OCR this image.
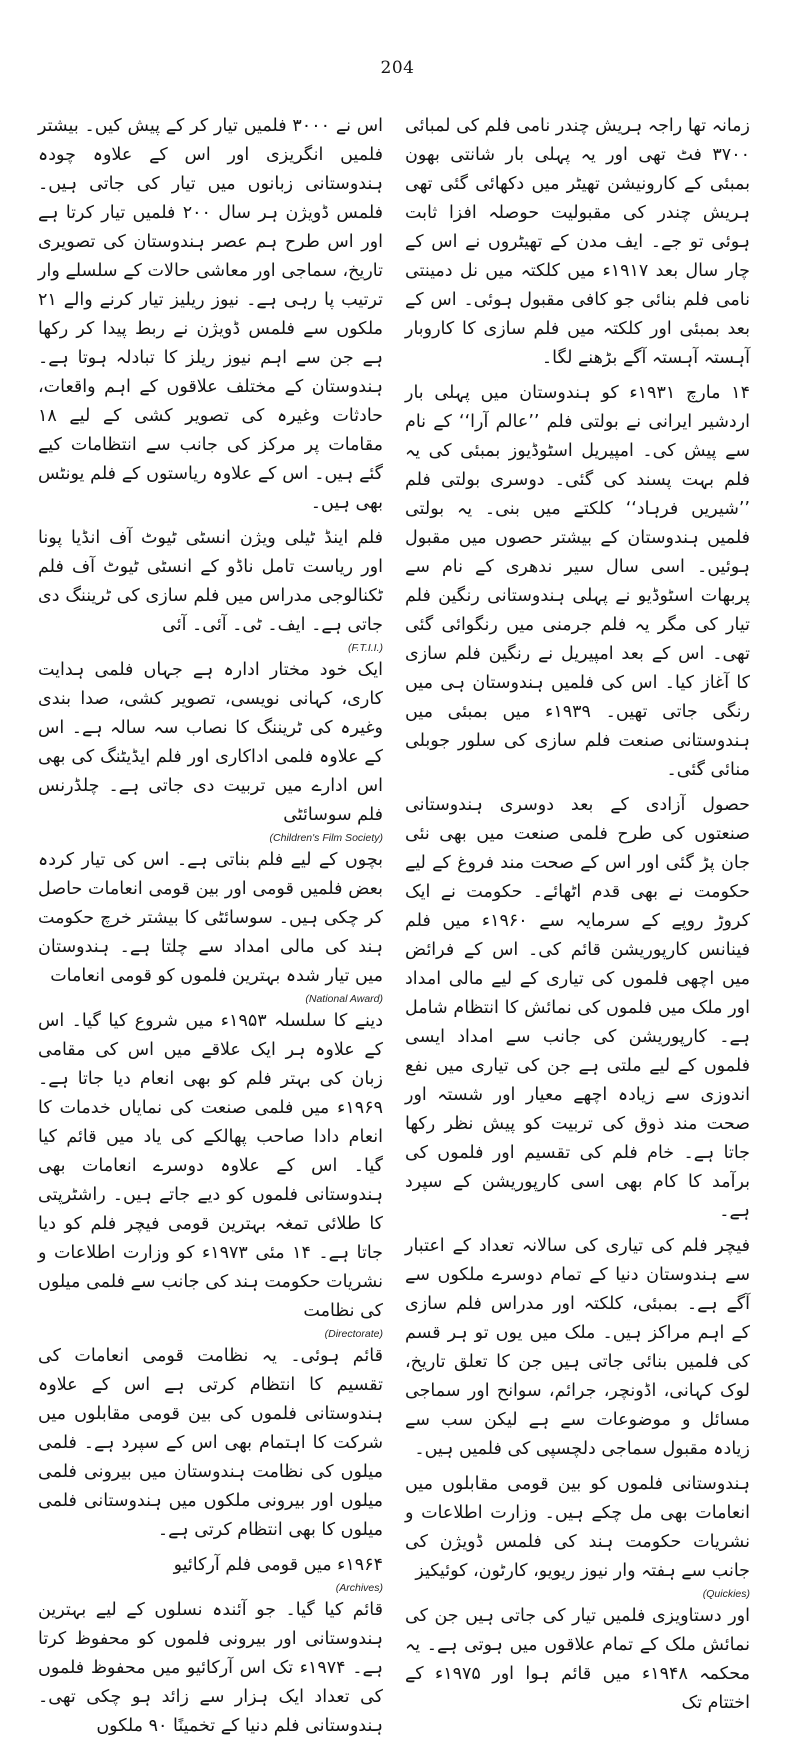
204

زمانہ تھا راجہ ہریش چندر نامی فلم کی لمبائی ۳۷۰۰ فٹ تھی اور یہ پہلی بار شانتی بھون بمبئی کے کارونیشن تھیٹر میں دکھائی گئی تھی ہریش چندر کی مقبولیت حوصلہ افزا ثابت ہوئی تو جے۔ ایف مدن کے تھیٹروں نے اس کے چار سال بعد ۱۹۱۷ء میں کلکتہ میں نل دمینتی نامی فلم بنائی جو کافی مقبول ہوئی۔ اس کے بعد بمبئی اور کلکتہ میں فلم سازی کا کاروبار آہستہ آہستہ آگے بڑھنے لگا۔

۱۴ مارچ ۱۹۳۱ء کو ہندوستان میں پہلی بار اردشیر ایرانی نے بولتی فلم ’’عالم آرا‘‘ کے نام سے پیش کی۔ امپیریل اسٹوڈیوز بمبئی کی یہ فلم بہت پسند کی گئی۔ دوسری بولتی فلم ’’شیریں فرہاد‘‘ کلکتے میں بنی۔ یہ بولتی فلمیں ہندوستان کے بیشتر حصوں میں مقبول ہوئیں۔ اسی سال سیر ندھری کے نام سے پربھات اسٹوڈیو نے پہلی ہندوستانی رنگین فلم تیار کی مگر یہ فلم جرمنی میں رنگوائی گئی تھی۔ اس کے بعد امپیریل نے رنگین فلم سازی کا آغاز کیا۔ اس کی فلمیں ہندوستان ہی میں رنگی جاتی تھیں۔ ۱۹۳۹ء میں بمبئی میں ہندوستانی صنعت فلم سازی کی سلور جوبلی منائی گئی۔

حصول آزادی کے بعد دوسری ہندوستانی صنعتوں کی طرح فلمی صنعت میں بھی نئی جان پڑ گئی اور اس کے صحت مند فروغ کے لیے حکومت نے بھی قدم اٹھائے۔ حکومت نے ایک کروڑ روپے کے سرمایہ سے ۱۹۶۰ء میں فلم فینانس کارپوریشن قائم کی۔ اس کے فرائض میں اچھی فلموں کی تیاری کے لیے مالی امداد اور ملک میں فلموں کی نمائش کا انتظام شامل ہے۔ کارپوریشن کی جانب سے امداد ایسی فلموں کے لیے ملتی ہے جن کی تیاری میں نفع اندوزی سے زیادہ اچھے معیار اور شستہ اور صحت مند ذوق کی تربیت کو پیش نظر رکھا جاتا ہے۔ خام فلم کی تقسیم اور فلموں کی برآمد کا کام بھی اسی کارپوریشن کے سپرد ہے۔

فیچر فلم کی تیاری کی سالانہ تعداد کے اعتبار سے ہندوستان دنیا کے تمام دوسرے ملکوں سے آگے ہے۔ بمبئی، کلکتہ اور مدراس فلم سازی کے اہم مراکز ہیں۔ ملک میں یوں تو ہر قسم کی فلمیں بنائی جاتی ہیں جن کا تعلق تاریخ، لوک کہانی، اڈونچر، جرائم، سوانح اور سماجی مسائل و موضوعات سے ہے لیکن سب سے زیادہ مقبول سماجی دلچسپی کی فلمیں ہیں۔

ہندوستانی فلموں کو بین قومی مقابلوں میں انعامات بھی مل چکے ہیں۔ وزارت اطلاعات و نشریات حکومت ہند کی فلمس ڈویژن کی جانب سے ہفتہ وار نیوز ریویو، کارٹون، کوئیکیز

(Quickies)

اور دستاویزی فلمیں تیار کی جاتی ہیں جن کی نمائش ملک کے تمام علاقوں میں ہوتی ہے۔ یہ محکمہ ۱۹۴۸ء میں قائم ہوا اور ۱۹۷۵ء کے اختتام تک

اس نے ۳۰۰۰ فلمیں تیار کر کے پیش کیں۔ بیشتر فلمیں انگریزی اور اس کے علاوہ چودہ ہندوستانی زبانوں میں تیار کی جاتی ہیں۔ فلمس ڈویژن ہر سال ۲۰۰ فلمیں تیار کرتا ہے اور اس طرح ہم عصر ہندوستان کی تصویری تاریخ، سماجی اور معاشی حالات کے سلسلے وار ترتیب پا رہی ہے۔ نیوز ریلیز تیار کرنے والے ۲۱ ملکوں سے فلمس ڈویژن نے ربط پیدا کر رکھا ہے جن سے اہم نیوز ریلز کا تبادلہ ہوتا ہے۔ ہندوستان کے مختلف علاقوں کے اہم واقعات، حادثات وغیرہ کی تصویر کشی کے لیے ۱۸ مقامات پر مرکز کی جانب سے انتظامات کیے گئے ہیں۔ اس کے علاوہ ریاستوں کے فلم یونٹس بھی ہیں۔

فلم اینڈ ٹیلی ویژن انسٹی ٹیوٹ آف انڈیا پونا اور ریاست تامل ناڈو کے انسٹی ٹیوٹ آف فلم ٹکنالوجی مدراس میں فلم سازی کی ٹریننگ دی جاتی ہے۔ ایف۔ ٹی۔ آئی۔ آئی

(F.T.I.I.)

ایک خود مختار ادارہ ہے جہاں فلمی ہدایت کاری، کہانی نویسی، تصویر کشی، صدا بندی وغیرہ کی ٹریننگ کا نصاب سہ سالہ ہے۔ اس کے علاوہ فلمی اداکاری اور فلم ایڈیٹنگ کی بھی اس ادارے میں تربیت دی جاتی ہے۔ چلڈرنس فلم سوسائٹی

(Children's Film Society)

بچوں کے لیے فلم بناتی ہے۔ اس کی تیار کردہ بعض فلمیں قومی اور بین قومی انعامات حاصل کر چکی ہیں۔ سوسائٹی کا بیشتر خرچ حکومت ہند کی مالی امداد سے چلتا ہے۔ ہندوستان میں تیار شدہ بہترین فلموں کو قومی انعامات

(National Award)

دینے کا سلسلہ ۱۹۵۳ء میں شروع کیا گیا۔ اس کے علاوہ ہر ایک علاقے میں اس کی مقامی زبان کی بہتر فلم کو بھی انعام دیا جاتا ہے۔ ۱۹۶۹ء میں فلمی صنعت کی نمایاں خدمات کا انعام دادا صاحب پھالکے کی یاد میں قائم کیا گیا۔ اس کے علاوہ دوسرے انعامات بھی ہندوستانی فلموں کو دیے جاتے ہیں۔ راشٹرپتی کا طلائی تمغہ بہترین قومی فیچر فلم کو دیا جاتا ہے۔ ۱۴ مئی ۱۹۷۳ء کو وزارت اطلاعات و نشریات حکومت ہند کی جانب سے فلمی میلوں کی نظامت

(Directorate)

قائم ہوئی۔ یہ نظامت قومی انعامات کی تقسیم کا انتظام کرتی ہے اس کے علاوہ ہندوستانی فلموں کی بین قومی مقابلوں میں شرکت کا اہتمام بھی اس کے سپرد ہے۔ فلمی میلوں کی نظامت ہندوستان میں بیرونی فلمی میلوں اور بیرونی ملکوں میں ہندوستانی فلمی میلوں کا بھی انتظام کرتی ہے۔

۱۹۶۴ء میں قومی فلم آرکائیو

(Archives)

قائم کیا گیا۔ جو آئندہ نسلوں کے لیے بہترین ہندوستانی اور بیرونی فلموں کو محفوظ کرتا ہے۔ ۱۹۷۴ء تک اس آرکائیو میں محفوظ فلموں کی تعداد ایک ہزار سے زائد ہو چکی تھی۔ ہندوستانی فلم دنیا کے تخمینًا ۹۰ ملکوں
